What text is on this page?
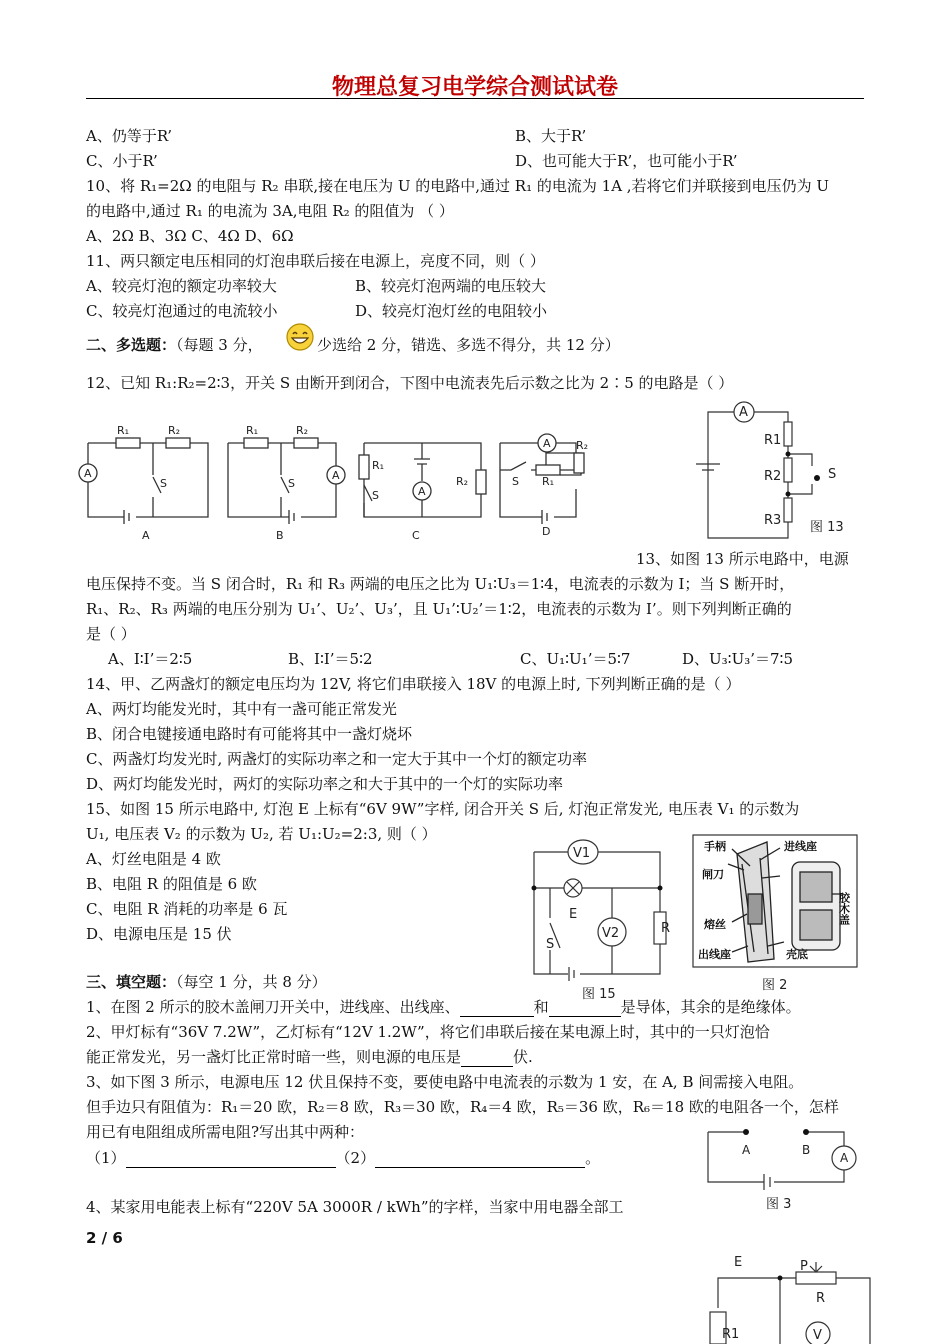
物理总复习电学综合测试试卷
A、仍等于R’	B、大于R’
C、小于R’	D、也可能大于R’，也可能小于R’
10、将 R₁=2Ω 的电阻与 R₂ 串联,接在电压为 U 的电路中,通过 R₁ 的电流为 1A ,若将它们并联接到电压仍为 U
的电路中,通过 R₁ 的电流为 3A,电阻 R₂ 的阻值为 （ ）
A、2Ω B、3Ω C、4Ω D、6Ω
11、两只额定电压相同的灯泡串联后接在电源上，亮度不同，则（ ）
A、较亮灯泡的额定功率较大	B、较亮灯泡两端的电压较大
C、较亮灯泡通过的电流较小	D、较亮灯泡灯丝的电阻较小
二、多选题：（每题 3 分，	少选给 2 分，错选、多选不得分，共 12 分）
12、已知 R₁:R₂=2∶3，开关 S 由断开到闭合，下图中电流表先后示数之比为 2∶5 的电路是（ ）
R₁	R₂
A
S
A
R₁	R₂
A
S
B
R₁
R₂
A
S
C
A
S R₁
R₂
D
A
R1
R2
R3
S
图 13
13、如图 13 所示电路中，电源
电压保持不变。当 S 闭合时，R₁ 和 R₃ 两端的电压之比为 U₁∶U₃＝1∶4，电流表的示数为 I；当 S 断开时，
R₁、R₂、R₃ 两端的电压分别为 U₁’、U₂’、U₃’，且 U₁’∶U₂’＝1∶2，电流表的示数为 I’。则下列判断正确的
是（ ）
A、I∶I’＝2∶5	B、I∶I’＝5∶2	C、U₁∶U₁’＝5∶7	D、U₃∶U₃’＝7∶5
14、甲、乙两盏灯的额定电压均为 12V, 将它们串联接入 18V 的电源上时, 下列判断正确的是（ ）
A、两灯均能发光时，其中有一盏可能正常发光
B、闭合电键接通电路时有可能将其中一盏灯烧坏
C、两盏灯均发光时, 两盏灯的实际功率之和一定大于其中一个灯的额定功率
D、两灯均能发光时，两灯的实际功率之和大于其中的一个灯的实际功率
15、如图 15 所示电路中, 灯泡 E 上标有“6V 9W”字样, 闭合开关 S 后, 灯泡正常发光, 电压表 V₁ 的示数为
U₁, 电压表 V₂ 的示数为 U₂, 若 U₁:U₂=2:3, 则（ ）
A、灯丝电阻是 4 欧
B、电阻 R 的阻值是 6 欧
C、电阻 R 消耗的功率是 6 瓦
D、电源电压是 15 伏
V1
E
V2	R
S
图 15
手柄
闸刀
进线座
熔丝
出线座	壳底
胶木盖
图 2
三、填空题：（每空 1 分，共 8 分）
1、在图 2 所示的胶木盖闸刀开关中，进线座、出线座、	和	是导体，其余的是绝缘体。
2、甲灯标有“36V 7.2W”，乙灯标有“12V 1.2W”，将它们串联后接在某电源上时，其中的一只灯泡恰
能正常发光，另一盏灯比正常时暗一些，则电源的电压是	伏.
3、如下图 3 所示，电源电压 12 伏且保持不变，要使电路中电流表的示数为 1 安，在 A, B 间需接入电阻。
但手边只有阻值为：R₁＝20 欧，R₂＝8 欧，R₃＝30 欧，R₄＝4 欧，R₅＝36 欧，R₆＝18 欧的电阻各一个，怎样
用已有电阻组成所需电阻?写出其中两种：
（1）	（2）	。	A	B
A
图 3
4、某家用电能表上标有“220V 5A 3000R / kWh”的字样，当家中用电器全部工
2 / 6
E	P
R
R1	V
